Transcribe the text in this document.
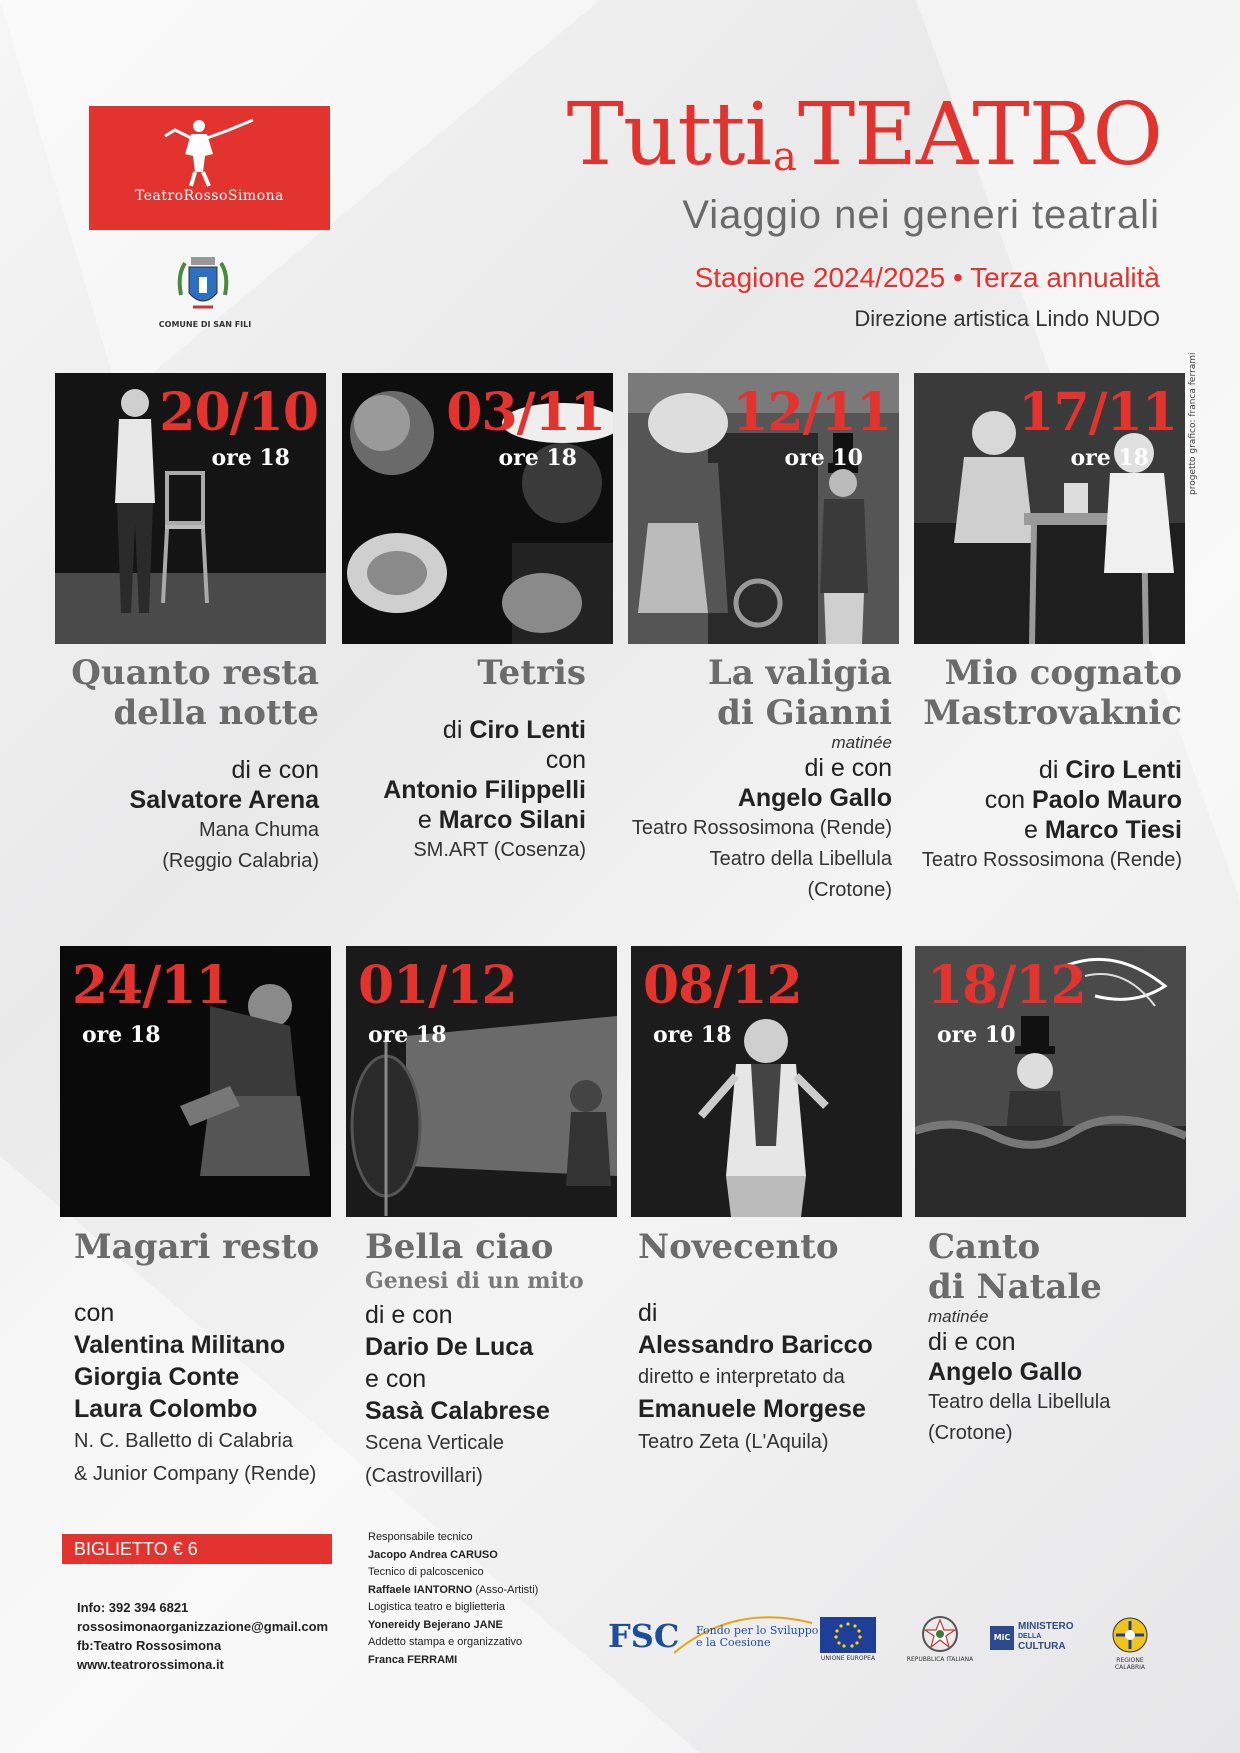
TeatroRossoSimona
COMUNE DI SAN FILI
TuttiaTEATRO
Viaggio nei generi teatrali
Stagione 2024/2025 • Terza annualità
Direzione artistica Lindo NUDO
20/10
ore 18
03/11
ore 18
12/11
ore 10
17/11
ore 18
Quanto resta
della notte
di e con
Salvatore Arena
Mana Chuma
(Reggio Calabria)
Tetris
di Ciro Lenti
con
Antonio Filippelli
e Marco Silani
SM.ART (Cosenza)
La valigia
di Gianni
matinée
di e con
Angelo Gallo
Teatro Rossosimona (Rende)
Teatro della Libellula
(Crotone)
Mio cognato
Mastrovaknic
di Ciro Lenti
con Paolo Mauro
e Marco Tiesi
Teatro Rossosimona (Rende)
progetto grafico: franca ferrami
24/11
ore 18
01/12
ore 18
08/12
ore 18
18/12
ore 10
Magari resto
con
Valentina Militano
Giorgia Conte
Laura Colombo
N. C. Balletto di Calabria
& Junior Company (Rende)
Bella ciao
Genesi di un mito
di e con
Dario De Luca
e con
Sasà Calabrese
Scena Verticale
(Castrovillari)
Novecento
di
Alessandro Baricco
diretto e interpretato da
Emanuele Morgese
Teatro Zeta (L'Aquila)
Canto
di Natale
matinée
di e con
Angelo Gallo
Teatro della Libellula
(Crotone)
BIGLIETTO € 6
Info: 392 394 6821
rossosimonaorganizzazione@gmail.com
fb:Teatro Rossosimona
www.teatrorossimona.it
Responsabile tecnico
Jacopo Andrea CARUSO
Tecnico di palcoscenico
Raffaele IANTORNO (Asso-Artisti)
Logistica teatro e biglietteria
Yonereidy Bejerano JANE
Addetto stampa e organizzativo
Franca FERRAMI
FSC Fondo per lo Sviluppo
e la Coesione
UNIONE EUROPEA	REPUBBLICA ITALIANA
MiC
MINISTERO
DELLA
CULTURA
REGIONE CALABRIA
